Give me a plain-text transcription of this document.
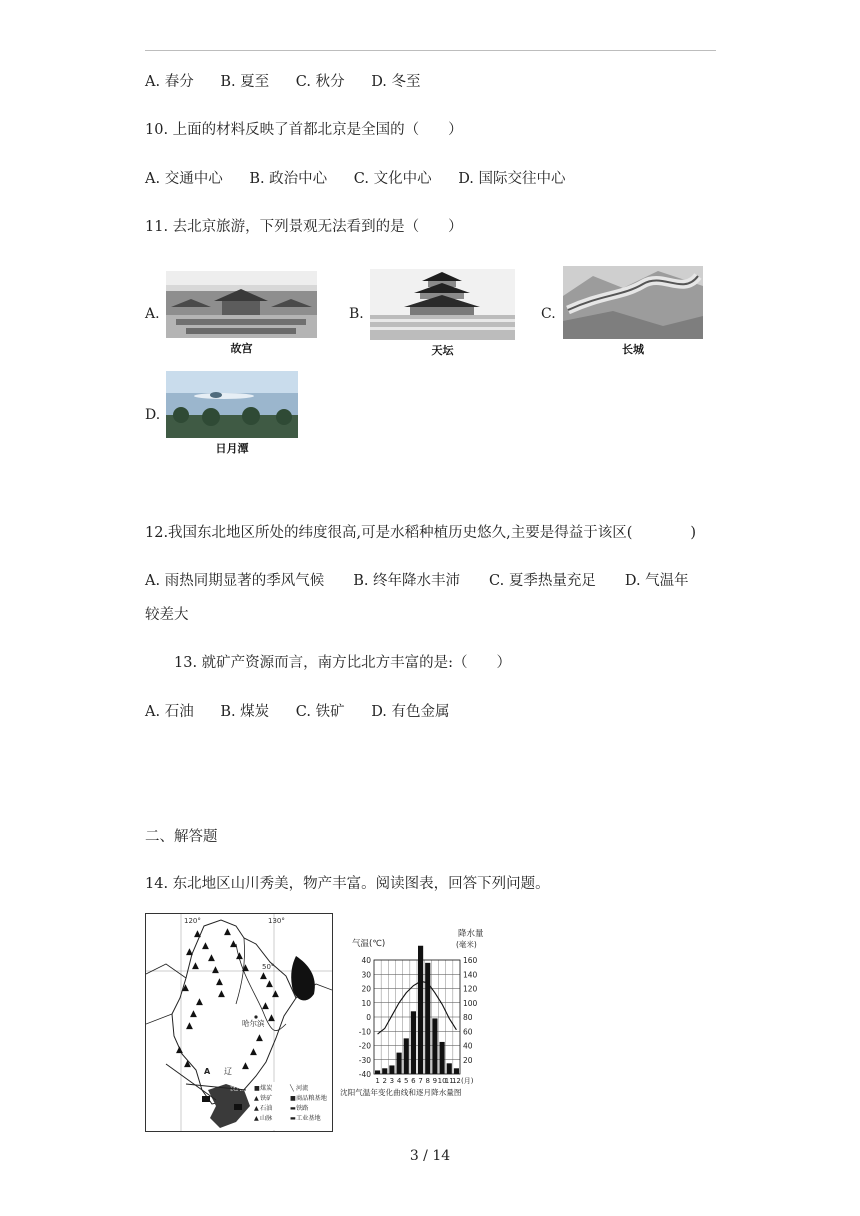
A. 春分 B. 夏至 C. 秋分 D. 冬至
10. 上面的材料反映了首都北京是全国的（　　）
A. 交通中心 B. 政治中心 C. 文化中心 D. 国际交往中心
11. 去北京旅游，下列景观无法看到的是（　　）
A.
故宫
B.
天坛
C.
长城
D.
日月潭
12.我国东北地区所处的纬度很高,可是水稻种植历史悠久,主要是得益于该区(　　　　)
A. 雨热同期显著的季风气候　　B. 终年降水丰沛　　C. 夏季热量充足　　D. 气温年
较差大
13. 就矿产资源而言，南方比北方丰富的是:（　　）
A. 石油 B. 煤炭 C. 铁矿 D. 有色金属
二、解答题
14. 东北地区山川秀美，物产丰富。阅读图表，回答下列问题。
120°	130°
50°
▲
▲
▲
▲
▲
▲
▲
▲
▲
▲
▲
▲
▲
▲
▲
▲
▲
▲
▲
▲
▲
▲
▲
▲
▲
▲
哈尔滨
A 辽
沈阳 ■ 煤炭	╲ 河流
▲ 铁矿	■ 商品粮基地
▲ 石油	▬ 铁路
▲ 山脉	▬ 工业基地
气温(℃)
降水量
(毫米)
40
30
20
10
0
-10
-20
-30
-40
160
140
120
100
80
60
40
20
1 2 3 4 5 6 7 8 9 10
11
12 (月)
沈阳气温年变化曲线和逐月降水量图
3 / 14
